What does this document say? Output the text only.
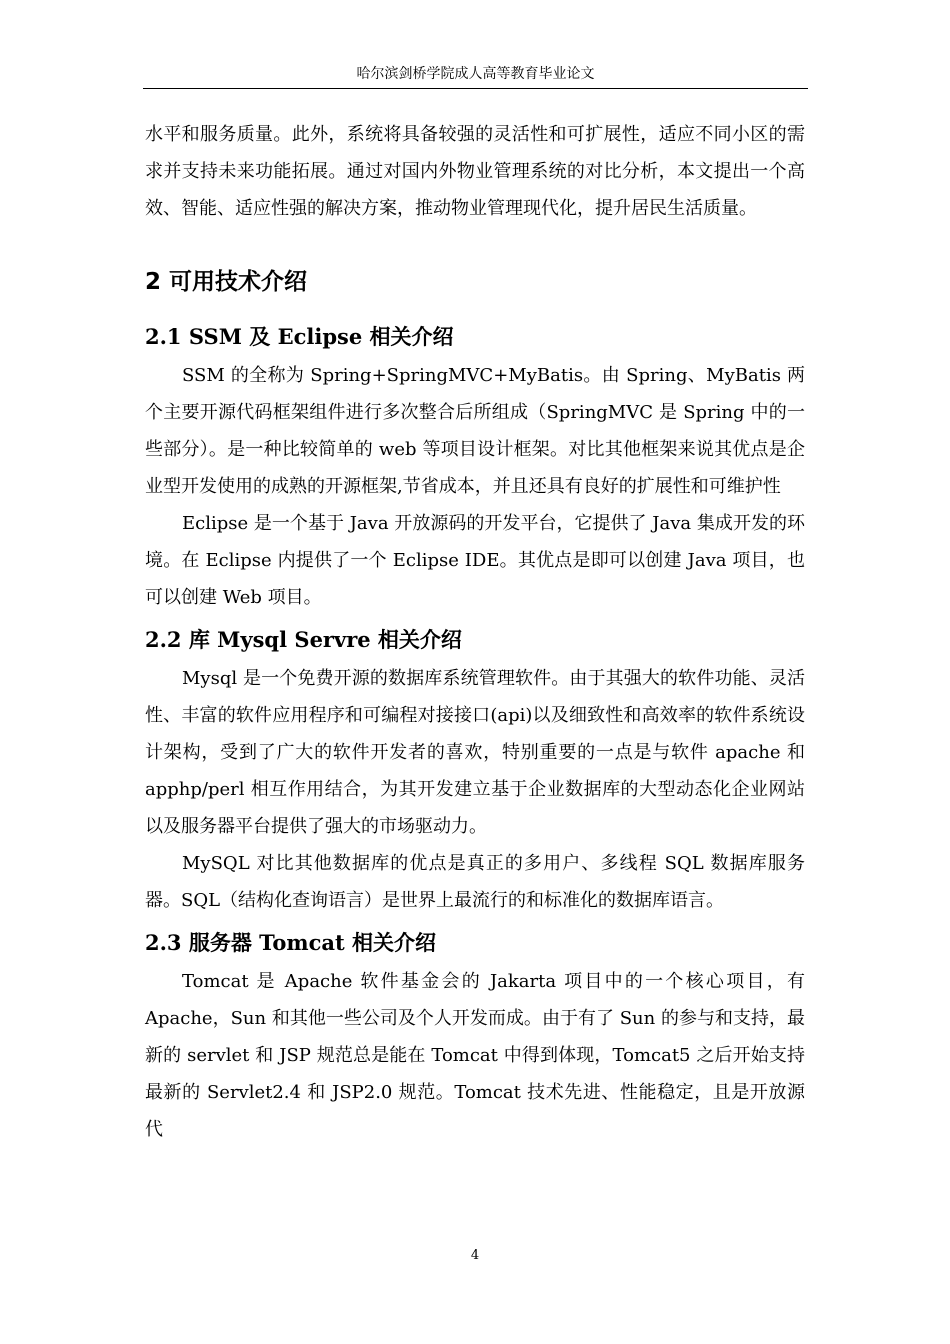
哈尔滨剑桥学院成人高等教育毕业论文

水平和服务质量。此外，系统将具备较强的灵活性和可扩展性，适应不同小区的需求并支持未来功能拓展。通过对国内外物业管理系统的对比分析，本文提出一个高效、智能、适应性强的解决方案，推动物业管理现代化，提升居民生活质量。

2 可用技术介绍
2.1 SSM 及 Eclipse 相关介绍

SSM 的全称为 Spring+SpringMVC+MyBatis。由 Spring、MyBatis 两个主要开源代码框架组件进行多次整合后所组成（SpringMVC 是 Spring 中的一些部分）。是一种比较简单的 web 等项目设计框架。对比其他框架来说其优点是企业型开发使用的成熟的开源框架,节省成本，并且还具有良好的扩展性和可维护性

Eclipse 是一个基于 Java 开放源码的开发平台，它提供了 Java 集成开发的环境。在 Eclipse 内提供了一个 Eclipse IDE。其优点是即可以创建 Java 项目，也可以创建 Web 项目。

2.2 库 Mysql Servre 相关介绍

Mysql 是一个免费开源的数据库系统管理软件。由于其强大的软件功能、灵活性、丰富的软件应用程序和可编程对接接口(api)以及细致性和高效率的软件系统设计架构，受到了广大的软件开发者的喜欢，特别重要的一点是与软件 apache 和 apphp/perl 相互作用结合，为其开发建立基于企业数据库的大型动态化企业网站以及服务器平台提供了强大的市场驱动力。

MySQL 对比其他数据库的优点是真正的多用户、多线程 SQL 数据库服务器。SQL（结构化查询语言）是世界上最流行的和标准化的数据库语言。

2.3 服务器 Tomcat 相关介绍

Tomcat 是 Apache 软件基金会的 Jakarta 项目中的一个核心项目，有 Apache，Sun 和其他一些公司及个人开发而成。由于有了 Sun 的参与和支持，最新的 servlet 和 JSP 规范总是能在 Tomcat 中得到体现，Tomcat5 之后开始支持最新的 Servlet2.4 和 JSP2.0 规范。Tomcat 技术先进、性能稳定，且是开放源代

4
